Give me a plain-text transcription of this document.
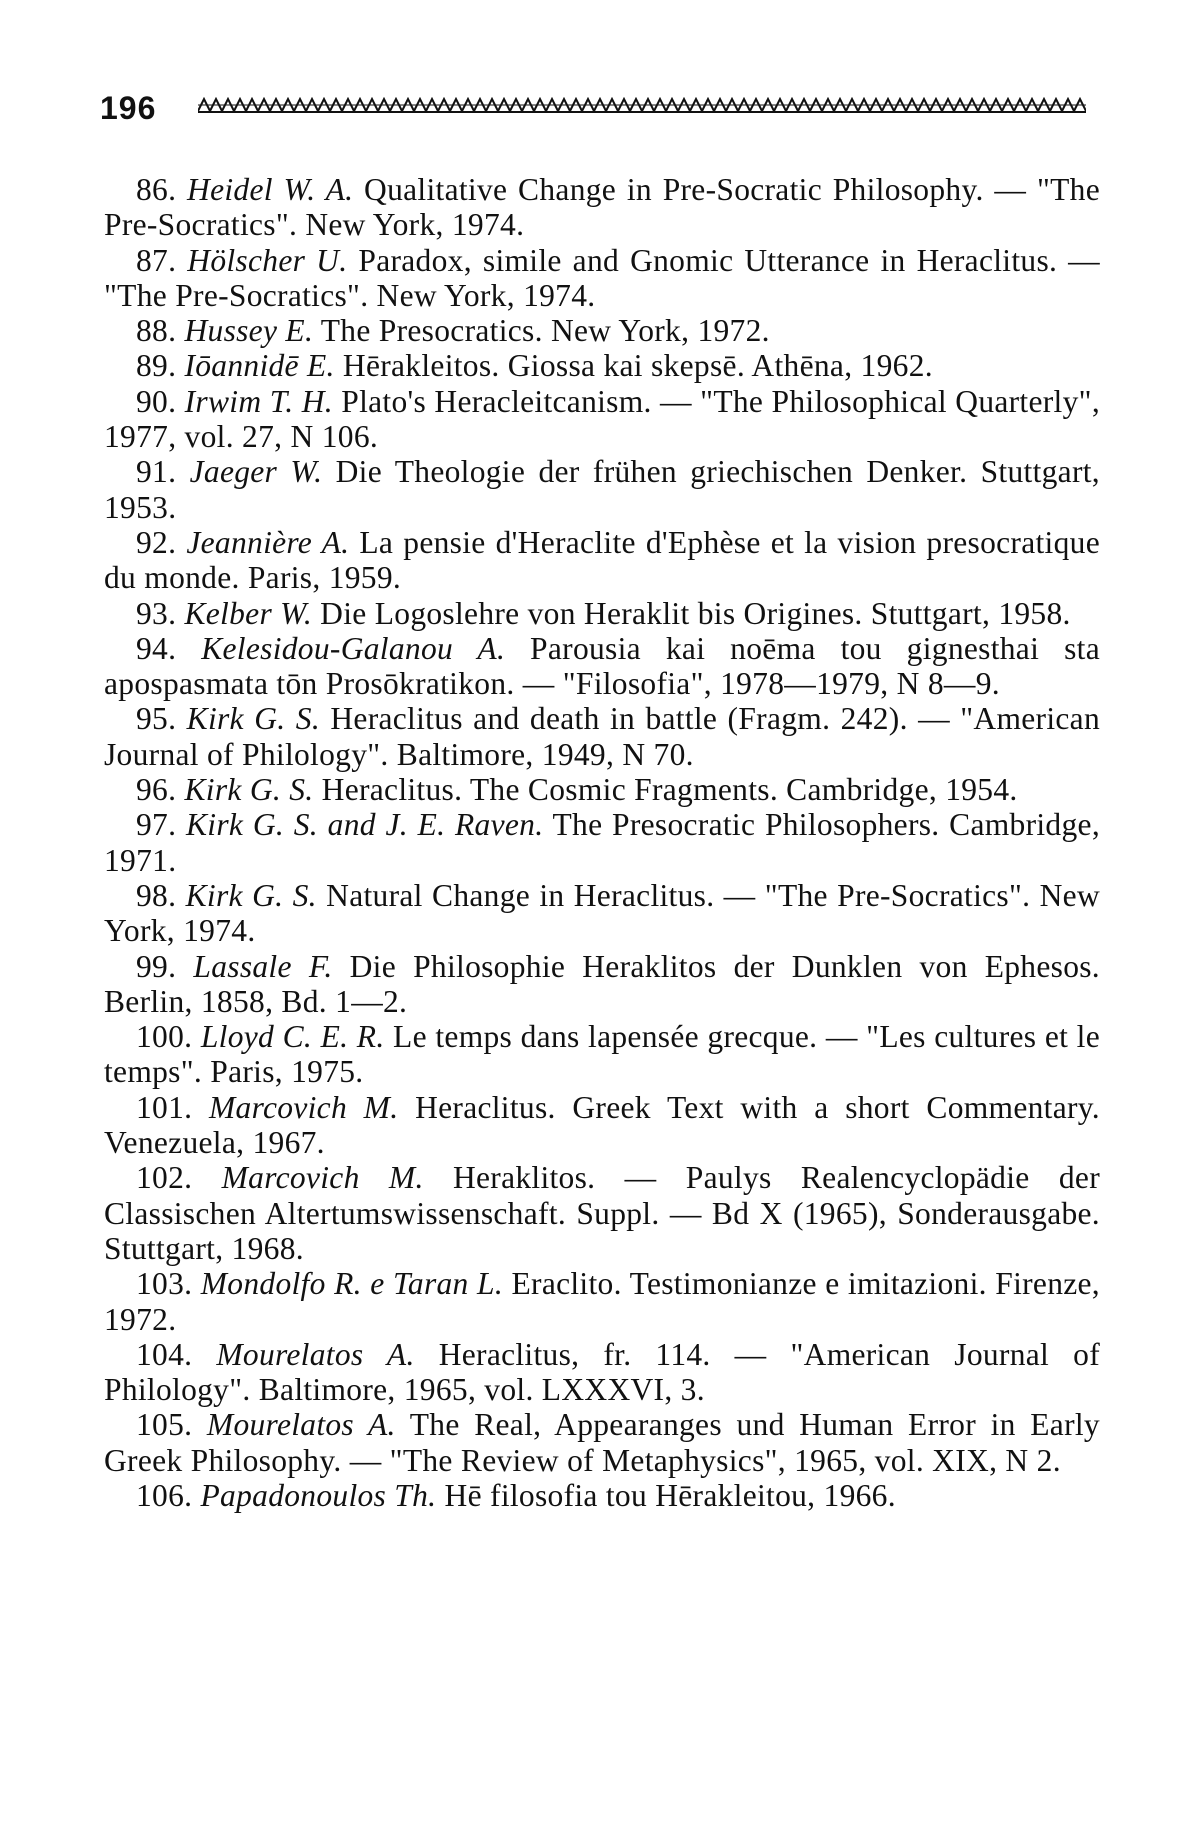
196

86. Heidel W. A. Qualitative Change in Pre-Socratic Philosophy. — "The Pre-Socratics". New York, 1974.

87. Hölscher U. Paradox, simile and Gnomic Utterance in Heraclitus. — "The Pre-Socratics". New York, 1974.

88. Hussey E. The Presocratics. New York, 1972.

89. Iōannidē E. Hērakleitos. Giossa kai skepsē. Athēna, 1962.

90. Irwim T. H. Plato's Heracleitcanism. — "The Philosophical Quarterly", 1977, vol. 27, N 106.

91. Jaeger W. Die Theologie der frühen griechischen Denker. Stuttgart, 1953.

92. Jeannière A. La pensie d'Heraclite d'Ephèse et la vision presocratique du monde. Paris, 1959.

93. Kelber W. Die Logoslehre von Heraklit bis Origines. Stuttgart, 1958.

94. Kelesidou-Galanou A. Parousia kai noēma tou gignesthai sta apospasmata tōn Prosōkratikon. — "Filosofia", 1978—1979, N 8—9.

95. Kirk G. S. Heraclitus and death in battle (Fragm. 242). — "American Journal of Philology". Baltimore, 1949, N 70.

96. Kirk G. S. Heraclitus. The Cosmic Fragments. Cambridge, 1954.

97. Kirk G. S. and J. E. Raven. The Presocratic Philosophers. Cambridge, 1971.

98. Kirk G. S. Natural Change in Heraclitus. — "The Pre-Socratics". New York, 1974.

99. Lassale F. Die Philosophie Heraklitos der Dunklen von Ephesos. Berlin, 1858, Bd. 1—2.

100. Lloyd C. E. R. Le temps dans lapensée grecque. — "Les cultures et le temps". Paris, 1975.

101. Marcovich M. Heraclitus. Greek Text with a short Commentary. Venezuela, 1967.

102. Marcovich M. Heraklitos. — Paulys Realencyclopädie der Classischen Altertumswissenschaft. Suppl. — Bd X (1965), Sonderausgabe. Stuttgart, 1968.

103. Mondolfo R. e Taran L. Eraclito. Testimonianze e imitazioni. Firenze, 1972.

104. Mourelatos A. Heraclitus, fr. 114. — "American Journal of Philology". Baltimore, 1965, vol. LXXXVI, 3.

105. Mourelatos A. The Real, Appearanges und Human Error in Early Greek Philosophy. — "The Review of Metaphysics", 1965, vol. XIX, N 2.

106. Papadonoulos Th. Hē filosofia tou Hērakleitou, 1966.
